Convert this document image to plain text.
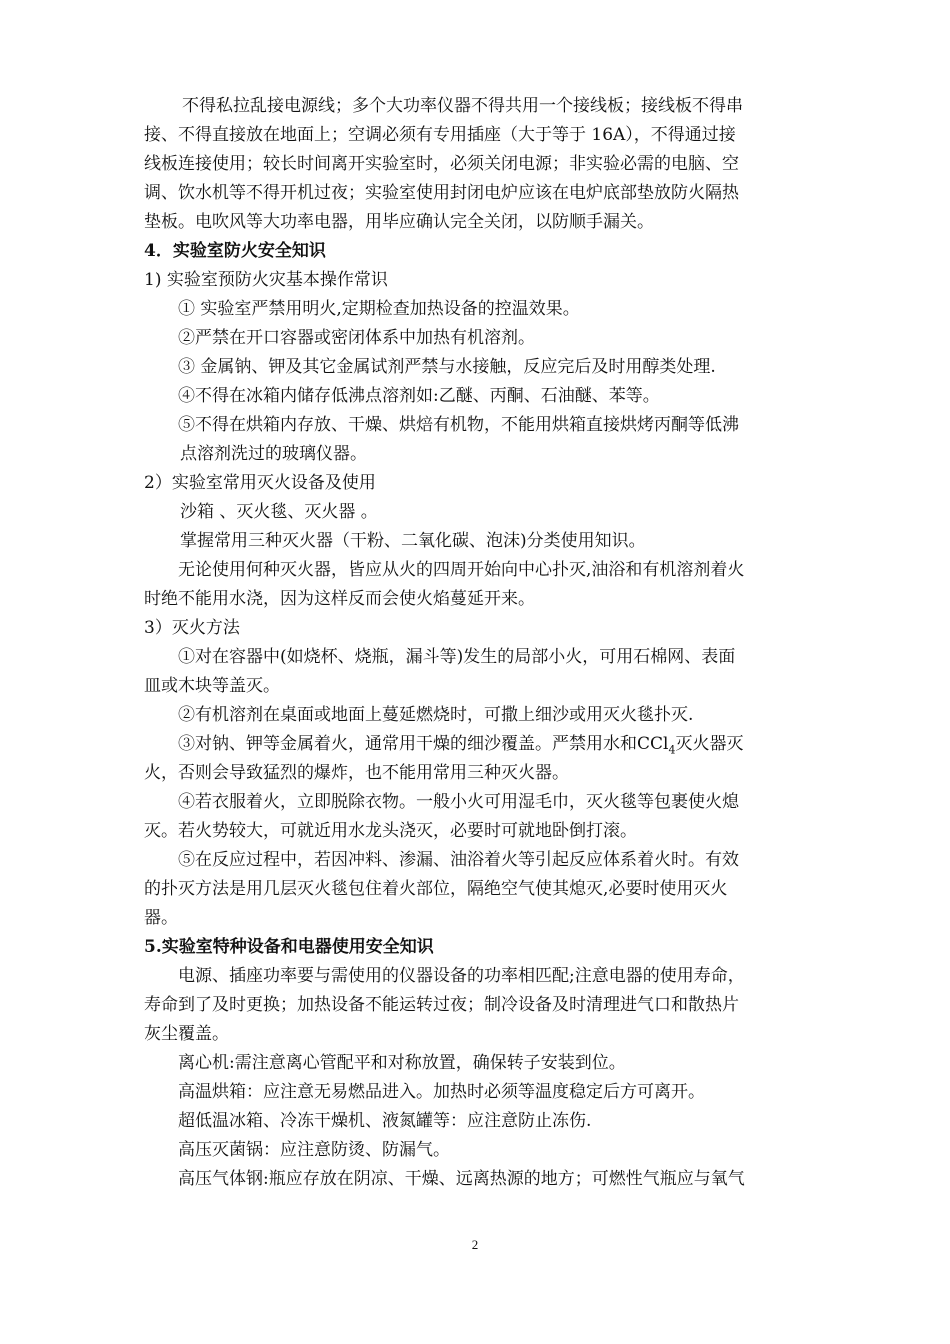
不得私拉乱接电源线；多个大功率仪器不得共用一个接线板；接线板不得串
接、不得直接放在地面上；空调必须有专用插座（大于等于 16A），不得通过接
线板连接使用；较长时间离开实验室时，必须关闭电源；非实验必需的电脑、空
调、饮水机等不得开机过夜；实验室使用封闭电炉应该在电炉底部垫放防火隔热
垫板。电吹风等大功率电器，用毕应确认完全关闭，以防顺手漏关。
4．实验室防火安全知识
1) 实验室预防火灾基本操作常识
① 实验室严禁用明火,定期检查加热设备的控温效果。
②严禁在开口容器或密闭体系中加热有机溶剂。
③ 金属钠、钾及其它金属试剂严禁与水接触，反应完后及时用醇类处理.
④不得在冰箱内储存低沸点溶剂如:乙醚、丙酮、石油醚、苯等。
⑤不得在烘箱内存放、干燥、烘焙有机物，不能用烘箱直接烘烤丙酮等低沸
点溶剂洗过的玻璃仪器。
2）实验室常用灭火设备及使用
沙箱 、灭火毯、灭火器 。
掌握常用三种灭火器（干粉、二氧化碳、泡沫)分类使用知识。
无论使用何种灭火器，皆应从火的四周开始向中心扑灭,油浴和有机溶剂着火
时绝不能用水浇，因为这样反而会使火焰蔓延开来。
3）灭火方法
①对在容器中(如烧杯、烧瓶，漏斗等)发生的局部小火，可用石棉网、表面
皿或木块等盖灭。
②有机溶剂在桌面或地面上蔓延燃烧时，可撒上细沙或用灭火毯扑灭.
③对钠、钾等金属着火，通常用干燥的细沙覆盖。严禁用水和CCl$_4$灭火器灭
火，否则会导致猛烈的爆炸，也不能用常用三种灭火器。
④若衣服着火，立即脱除衣物。一般小火可用湿毛巾，灭火毯等包裹使火熄
灭。若火势较大，可就近用水龙头浇灭，必要时可就地卧倒打滚。
⑤在反应过程中，若因冲料、渗漏、油浴着火等引起反应体系着火时。有效
的扑灭方法是用几层灭火毯包住着火部位，隔绝空气使其熄灭,必要时使用灭火
器。
5.实验室特种设备和电器使用安全知识
电源、插座功率要与需使用的仪器设备的功率相匹配;注意电器的使用寿命，
寿命到了及时更换；加热设备不能运转过夜；制冷设备及时清理进气口和散热片
灰尘覆盖。
离心机:需注意离心管配平和对称放置，确保转子安装到位。
高温烘箱：应注意无易燃品进入。加热时必须等温度稳定后方可离开。
超低温冰箱、冷冻干燥机、液氮罐等：应注意防止冻伤.
高压灭菌锅：应注意防烫、防漏气。
高压气体钢:瓶应存放在阴凉、干燥、远离热源的地方；可燃性气瓶应与氧气
2
